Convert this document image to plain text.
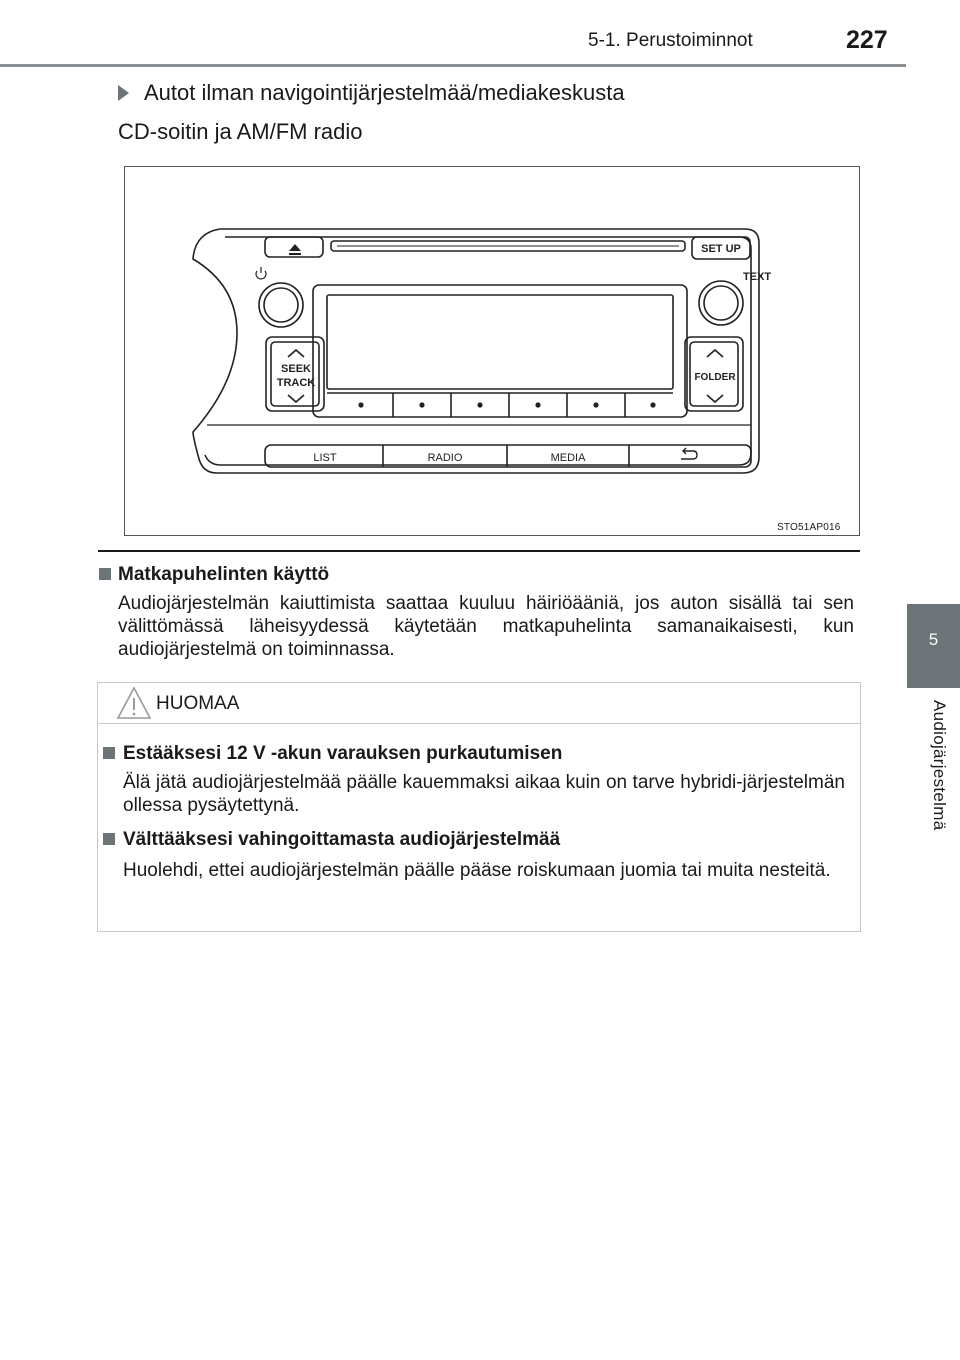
5-1. Perustoiminnot	227
5
Audiojärjestelmä
Autot ilman navigointijärjestelmää/mediakeskusta
CD-soitin ja AM/FM radio
SET UP
TEXT
SEEK
TRACK	FOLDER
LIST	RADIO	MEDIA
STO51AP016
Matkapuhelinten käyttö
Audiojärjestelmän kaiuttimista saattaa kuuluu häiriöääniä, jos auton sisällä tai sen välittömässä läheisyydessä käytetään matkapuhelinta samanaikaisesti, kun audiojärjestelmä on toiminnassa.
HUOMAA
Estääksesi 12 V -akun varauksen purkautumisen
Älä jätä audiojärjestelmää päälle kauemmaksi aikaa kuin on tarve hybridi-järjestelmän ollessa pysäytettynä.
Välttääksesi vahingoittamasta audiojärjestelmää
Huolehdi, ettei audiojärjestelmän päälle pääse roiskumaan juomia tai muita nesteitä.
